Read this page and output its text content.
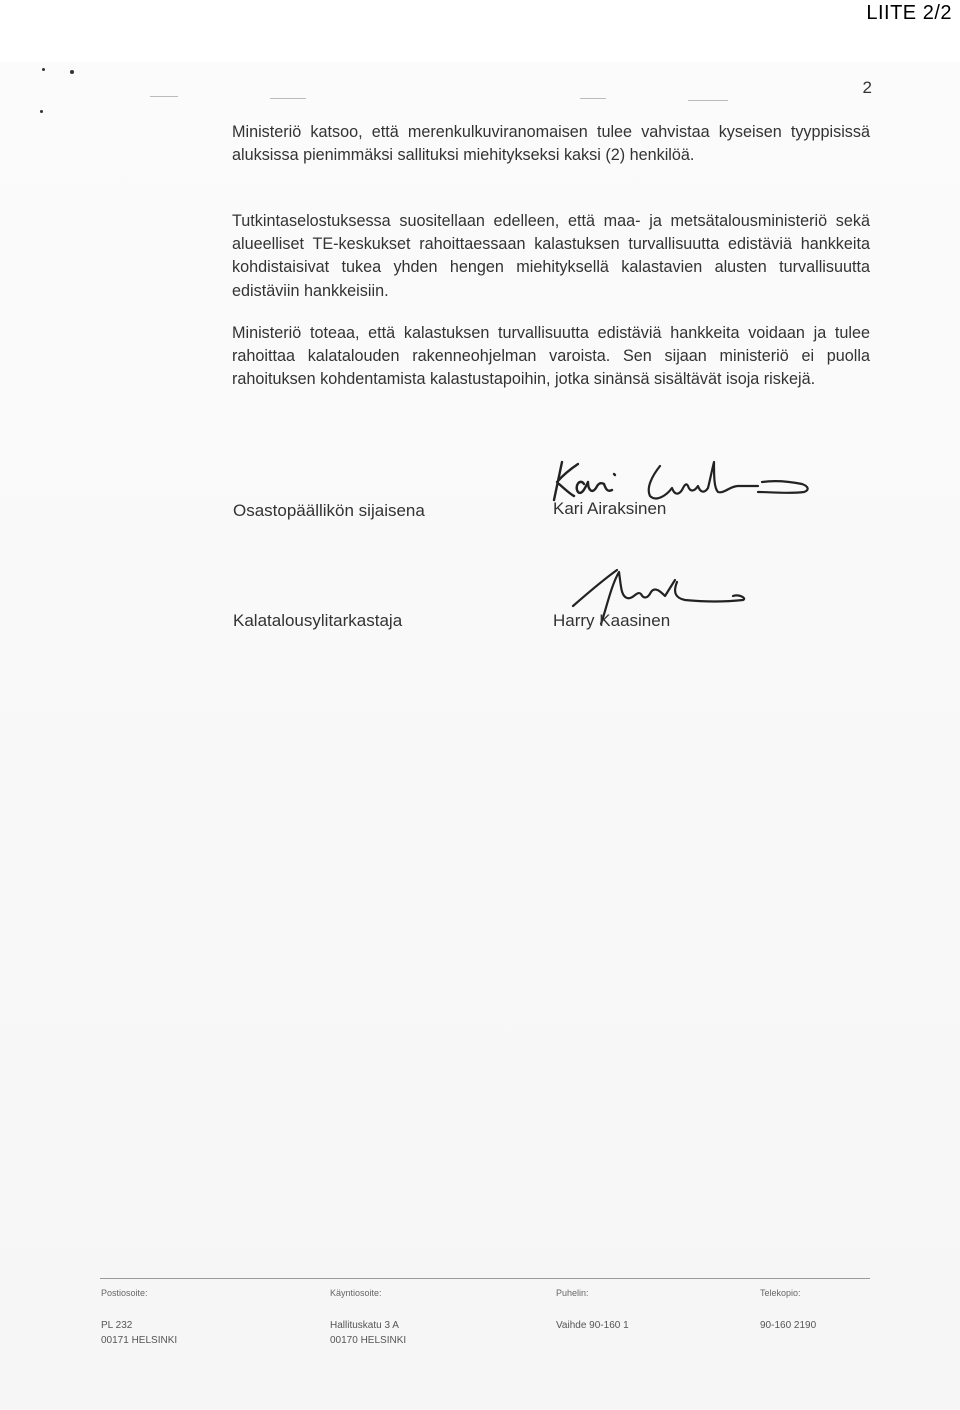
LIITE 2/2
2

Ministeriö katsoo, että merenkulkuviranomaisen tulee vahvistaa kyseisen tyyppisissä aluksissa pienimmäksi sallituksi miehitykseksi kaksi (2) henkilöä.

Tutkintaselostuksessa suositellaan edelleen, että maa- ja metsätalousministeriö sekä alueelliset TE-keskukset rahoittaessaan kalastuksen turvallisuutta edistäviä hankkeita kohdistaisivat tukea yhden hengen miehityksellä kalastavien alusten turvallisuutta edistäviin hankkeisiin.

Ministeriö toteaa, että kalastuksen turvallisuutta edistäviä hankkeita voidaan ja tulee rahoittaa kalatalouden rakenneohjelman varoista. Sen sijaan ministeriö ei puolla rahoituksen kohdentamista kalastustapoihin, jotka sinänsä sisältävät isoja riskejä.

Osastopäällikön sijaisena	Kari Airaksinen
Kalatalousylitarkastaja	Harry Kaasinen
Postiosoite:
PL 232
00171 HELSINKI
Käyntiosoite:
Hallituskatu 3 A
00170 HELSINKI
Puhelin:
Vaihde 90-160 1
Telekopio:
90-160 2190
